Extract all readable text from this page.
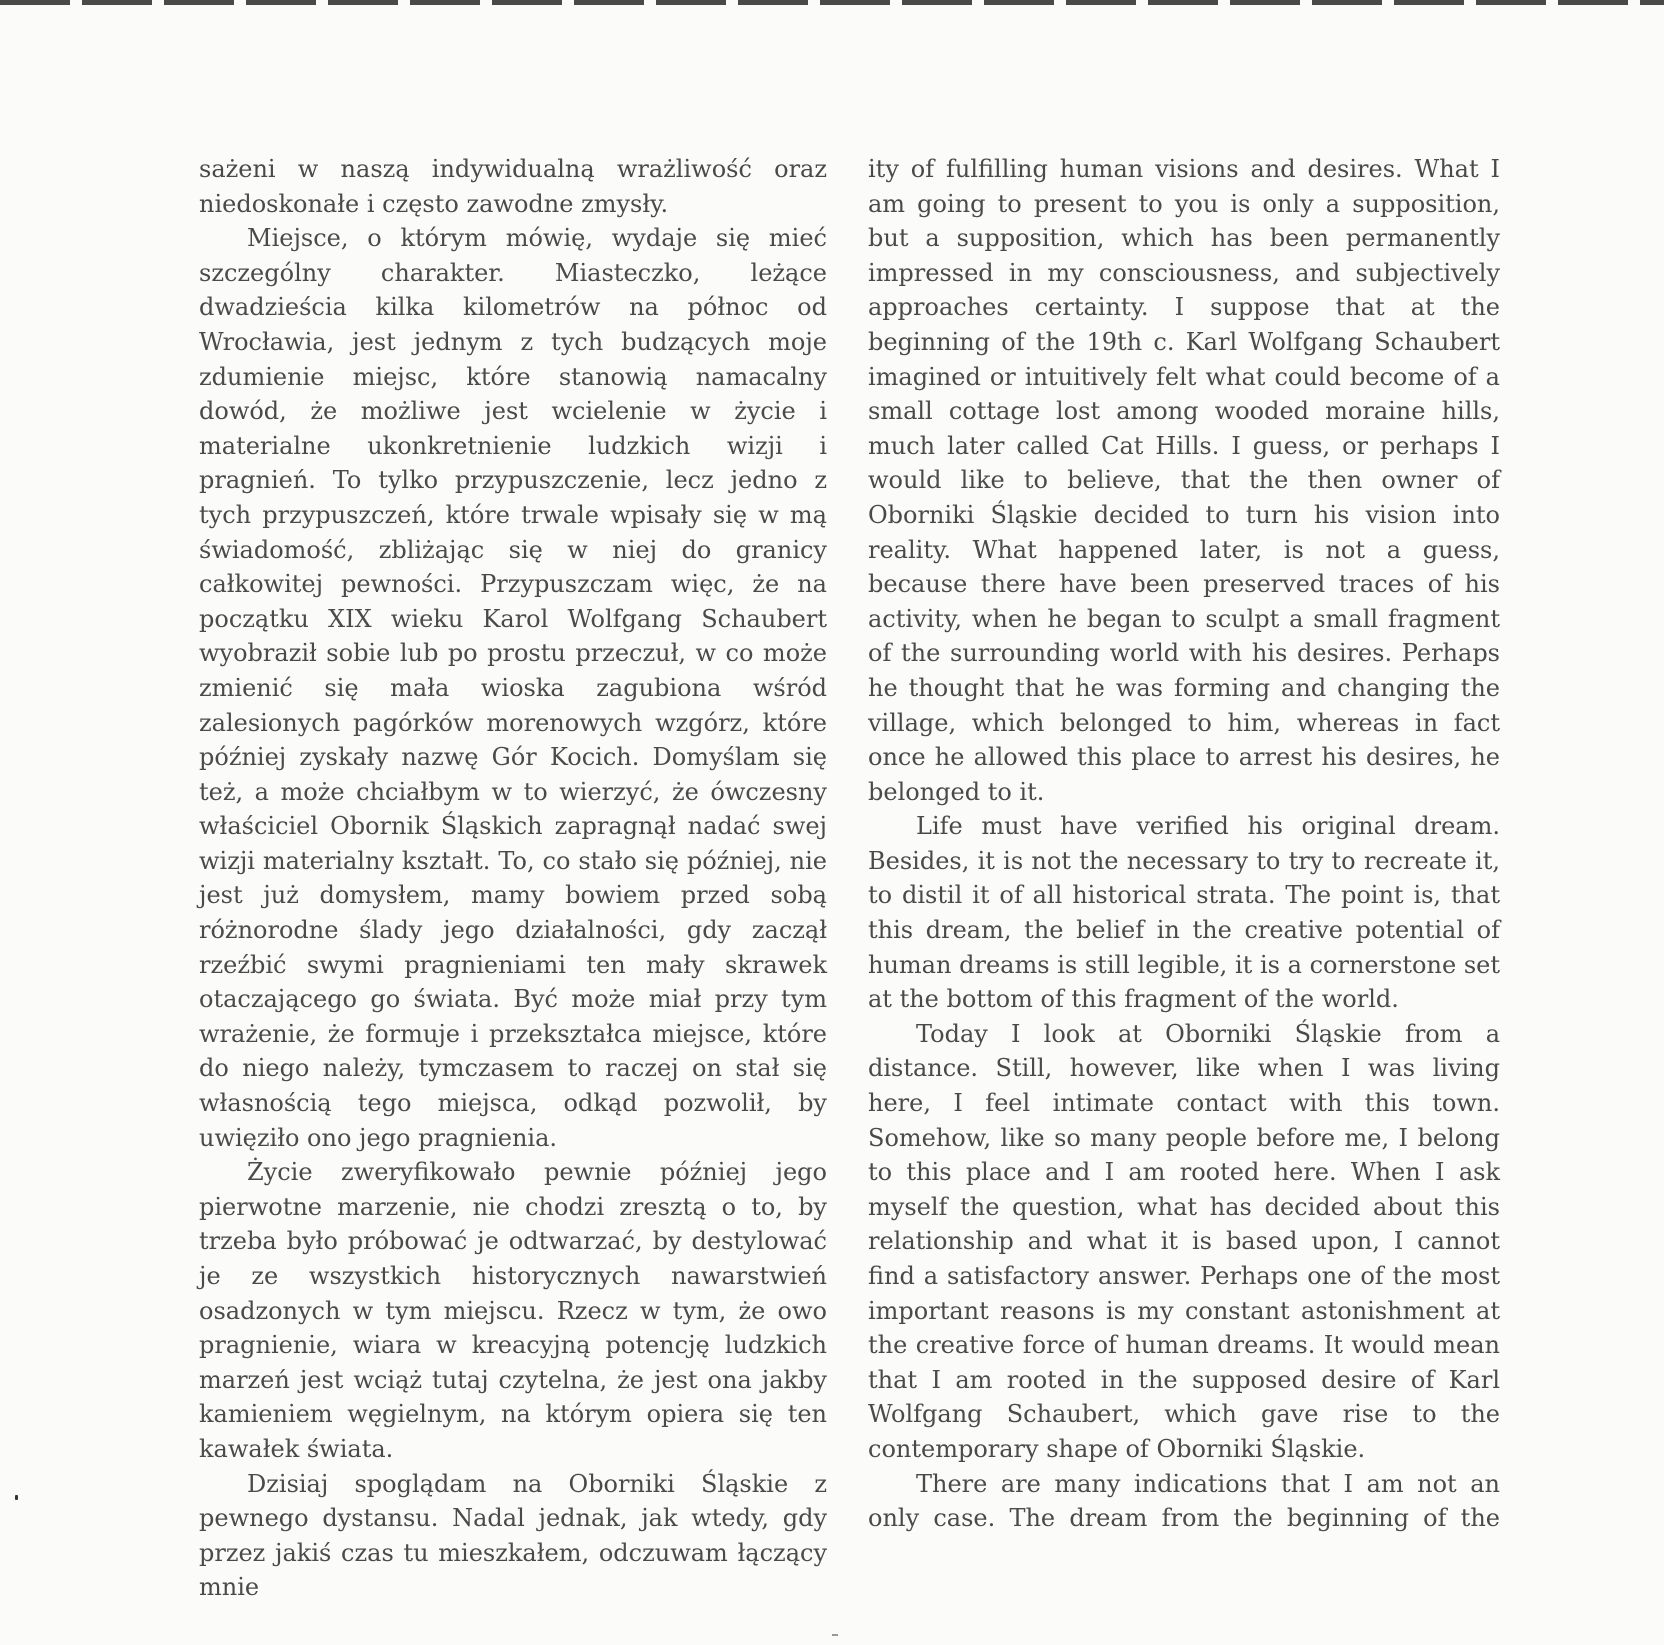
sażeni w naszą indywidualną wrażliwość oraz niedoskonałe i często zawodne zmysły.

Miejsce, o którym mówię, wydaje się mieć szczególny charakter. Miasteczko, leżące dwadzieścia kilka kilometrów na północ od Wrocławia, jest jednym z tych budzących moje zdumienie miejsc, które stanowią namacalny dowód, że możliwe jest wcielenie w życie i materialne ukonkretnienie ludzkich wizji i pragnień. To tylko przypuszczenie, lecz jedno z tych przypuszczeń, które trwale wpisały się w mą świadomość, zbliżając się w niej do granicy całkowitej pewności. Przypuszczam więc, że na początku XIX wieku Karol Wolfgang Schaubert wyobraził sobie lub po prostu przeczuł, w co może zmienić się mała wioska zagubiona wśród zalesionych pagórków morenowych wzgórz, które później zyskały nazwę Gór Kocich. Domyślam się też, a może chciałbym w to wierzyć, że ówczesny właściciel Obornik Śląskich zapragnął nadać swej wizji materialny kształt. To, co stało się później, nie jest już domysłem, mamy bowiem przed sobą różnorodne ślady jego działalności, gdy zaczął rzeźbić swymi pragnieniami ten mały skrawek otaczającego go świata. Być może miał przy tym wrażenie, że formuje i przekształca miejsce, które do niego należy, tymczasem to raczej on stał się własnością tego miejsca, odkąd pozwolił, by uwięziło ono jego pragnienia.

Życie zweryfikowało pewnie później jego pierwotne marzenie, nie chodzi zresztą o to, by trzeba było próbować je odtwarzać, by destylować je ze wszystkich historycznych nawarstwień osadzonych w tym miejscu. Rzecz w tym, że owo pragnienie, wiara w kreacyjną potencję ludzkich marzeń jest wciąż tutaj czytelna, że jest ona jakby kamieniem węgielnym, na którym opiera się ten kawałek świata.

Dzisiaj spoglądam na Oborniki Śląskie z pewnego dystansu. Nadal jednak, jak wtedy, gdy przez jakiś czas tu mieszkałem, odczuwam łączący mnie

ity of fulfilling human visions and desires. What I am going to present to you is only a supposition, but a supposition, which has been permanently impressed in my consciousness, and subjectively approaches certainty. I suppose that at the beginning of the 19th c. Karl Wolfgang Schaubert imagined or intuitively felt what could become of a small cottage lost among wooded moraine hills, much later called Cat Hills. I guess, or perhaps I would like to believe, that the then owner of Oborniki Śląskie decided to turn his vision into reality. What happened later, is not a guess, because there have been preserved traces of his activity, when he began to sculpt a small fragment of the surrounding world with his desires. Perhaps he thought that he was forming and changing the village, which belonged to him, whereas in fact once he allowed this place to arrest his desires, he belonged to it.

Life must have verified his original dream. Besides, it is not the necessary to try to recreate it, to distil it of all historical strata. The point is, that this dream, the belief in the creative potential of human dreams is still legible, it is a cornerstone set at the bottom of this fragment of the world.

Today I look at Oborniki Śląskie from a distance. Still, however, like when I was living here, I feel intimate contact with this town. Somehow, like so many people before me, I belong to this place and I am rooted here. When I ask myself the question, what has decided about this relationship and what it is based upon, I cannot find a satisfactory answer. Perhaps one of the most important reasons is my constant astonishment at the creative force of human dreams. It would mean that I am rooted in the supposed desire of Karl Wolfgang Schaubert, which gave rise to the contemporary shape of Oborniki Śląskie.

There are many indications that I am not an only case. The dream from the beginning of the
